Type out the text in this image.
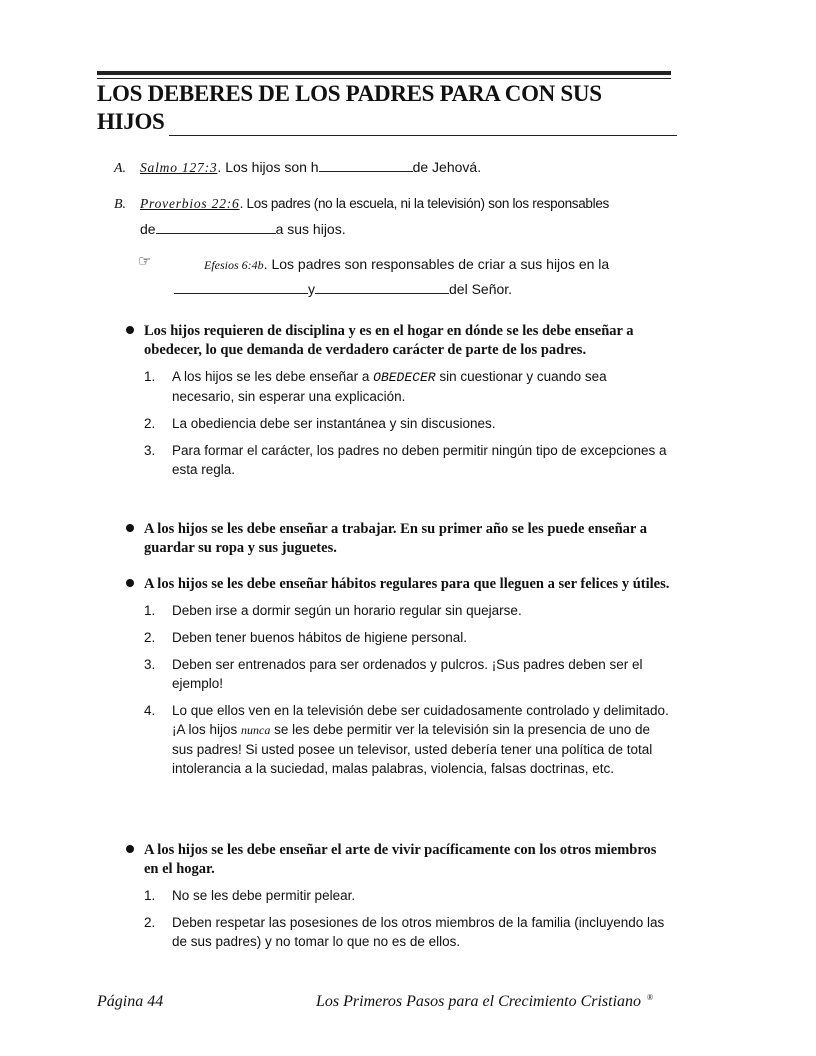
LOS DEBERES DE LOS PADRES PARA CON SUS
HIJOS
A. Salmo 127:3. Los hijos son h	de Jehová.
B. Proverbios 22:6. Los padres (no la escuela, ni la televisión) son los responsables
de	a sus hijos.
☞	Efesios 6:4b. Los padres son responsables de criar a sus hijos en la
y	del Señor.
Los hijos requieren de disciplina y es en el hogar en dónde se les debe enseñar a obedecer, lo que demanda de verdadero carácter de parte de los padres.
1.	A los hijos se les debe enseñar a OBEDECER sin cuestionar y cuando sea necesario, sin esperar una explicación.
2.	La obediencia debe ser instantánea y sin discusiones.
3.	Para formar el carácter, los padres no deben permitir ningún tipo de excepciones a esta regla.
A los hijos se les debe enseñar a trabajar. En su primer año se les puede enseñar a guardar su ropa y sus juguetes.
A los hijos se les debe enseñar hábitos regulares para que lleguen a ser felices y útiles.
1.	Deben irse a dormir según un horario regular sin quejarse.
2.	Deben tener buenos hábitos de higiene personal.
3.	Deben ser entrenados para ser ordenados y pulcros. ¡Sus padres deben ser el ejemplo!
4.	Lo que ellos ven en la televisión debe ser cuidadosamente controlado y delimitado. ¡A los hijos nunca se les debe permitir ver la televisión sin la presencia de uno de sus padres! Si usted posee un televisor, usted debería tener una política de total intolerancia a la suciedad, malas palabras, violencia, falsas doctrinas, etc.
A los hijos se les debe enseñar el arte de vivir pacíficamente con los otros miembros en el hogar.
1.	No se les debe permitir pelear.
2.	Deben respetar las posesiones de los otros miembros de la familia (incluyendo las de sus padres) y no tomar lo que no es de ellos.
Página 44	Los Primeros Pasos para el Crecimiento Cristiano ®
